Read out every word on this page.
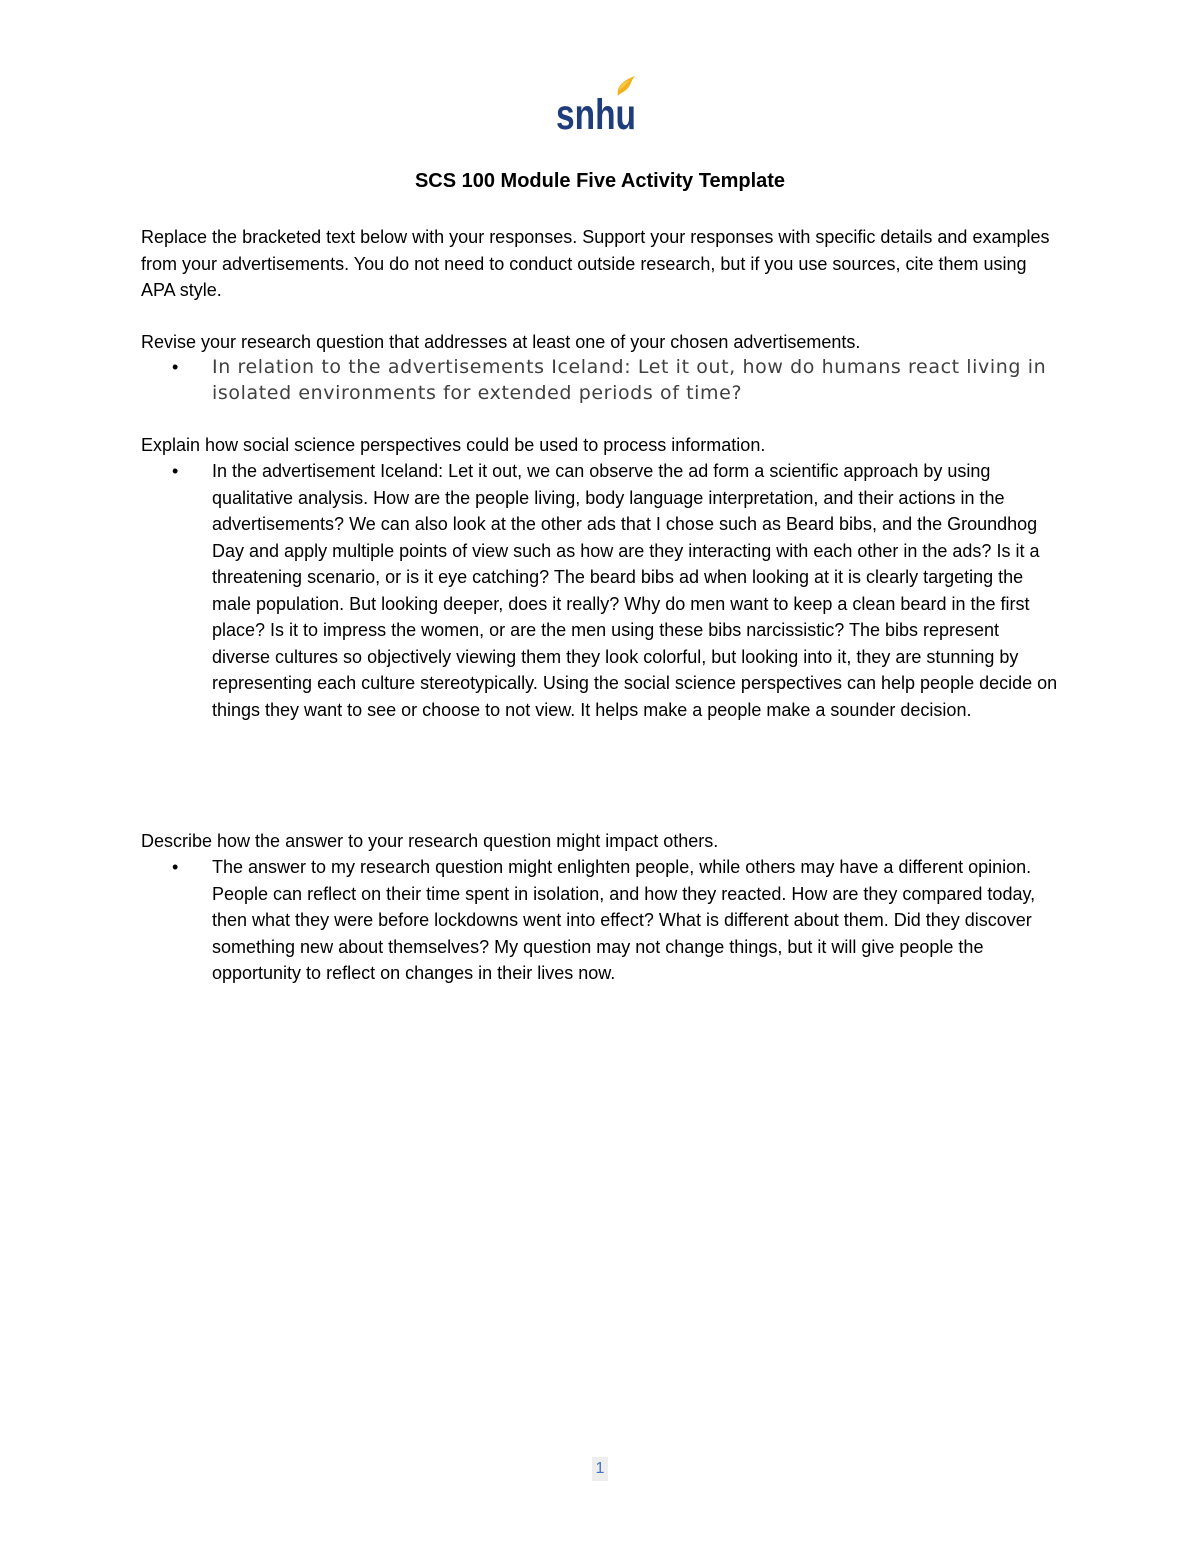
snhu
SCS 100 Module Five Activity Template
Replace the bracketed text below with your responses. Support your responses with specific details and examples from your advertisements. You do not need to conduct outside research, but if you use sources, cite them using APA style.
Revise your research question that addresses at least one of your chosen advertisements.
•	In relation to the advertisements Iceland: Let it out, how do humans react living in isolated environments for extended periods of time?
Explain how social science perspectives could be used to process information.
•	In the advertisement Iceland: Let it out, we can observe the ad form a scientific approach by using qualitative analysis. How are the people living, body language interpretation, and their actions in the advertisements? We can also look at the other ads that I chose such as Beard bibs, and the Groundhog Day and apply multiple points of view such as how are they interacting with each other in the ads? Is it a threatening scenario, or is it eye catching? The beard bibs ad when looking at it is clearly targeting the male population. But looking deeper, does it really? Why do men want to keep a clean beard in the first place? Is it to impress the women, or are the men using these bibs narcissistic? The bibs represent diverse cultures so objectively viewing them they look colorful, but looking into it, they are stunning by representing each culture stereotypically. Using the social science perspectives can help people decide on things they want to see or choose to not view. It helps make a people make a sounder decision.
Describe how the answer to your research question might impact others.
•	The answer to my research question might enlighten people, while others may have a different opinion. People can reflect on their time spent in isolation, and how they reacted. How are they compared today, then what they were before lockdowns went into effect? What is different about them. Did they discover something new about themselves? My question may not change things, but it will give people the opportunity to reflect on changes in their lives now.
1
